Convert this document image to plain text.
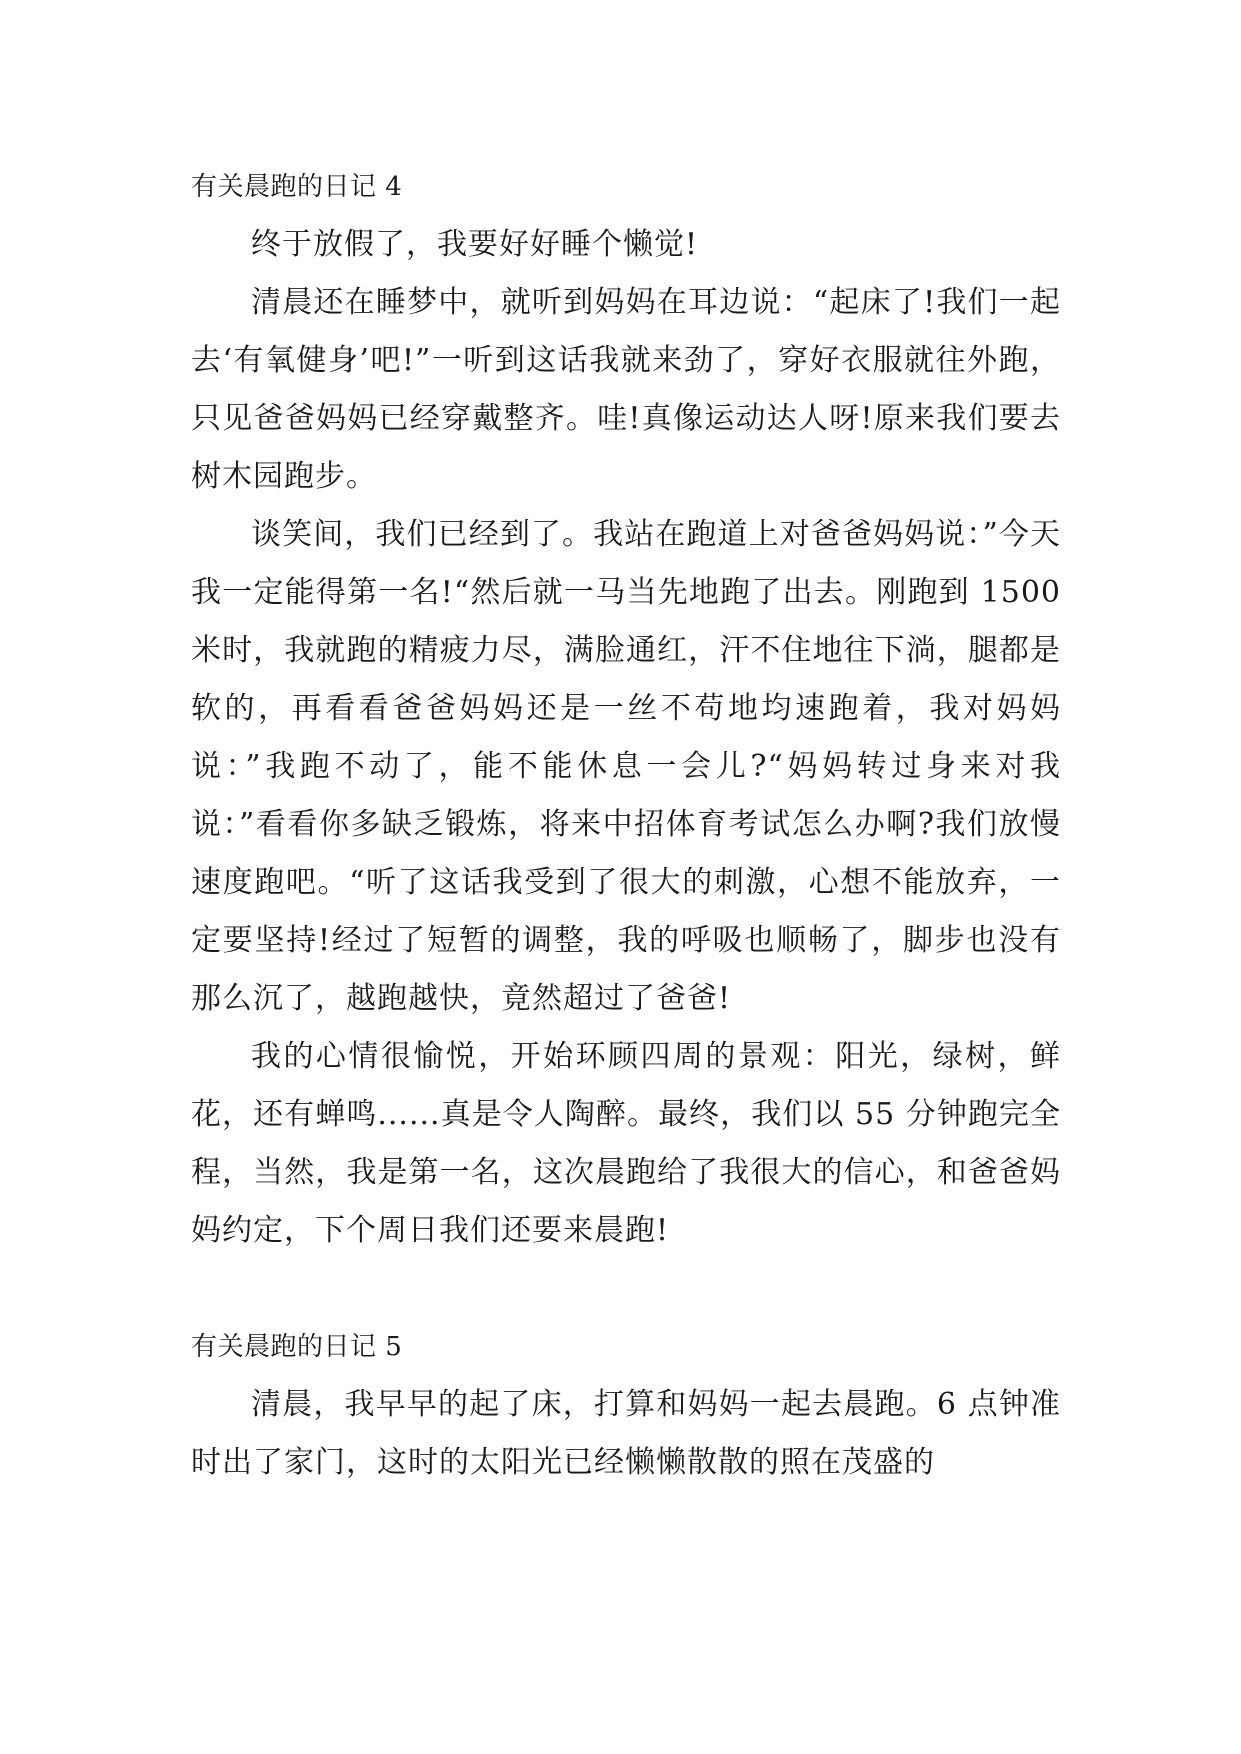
有关晨跑的日记 4

终于放假了，我要好好睡个懒觉!

清晨还在睡梦中，就听到妈妈在耳边说：“起床了!我们一起去‘有氧健身’吧!”一听到这话我就来劲了，穿好衣服就往外跑，只见爸爸妈妈已经穿戴整齐。哇!真像运动达人呀!原来我们要去树木园跑步。

谈笑间，我们已经到了。我站在跑道上对爸爸妈妈说：”今天我一定能得第一名!“然后就一马当先地跑了出去。刚跑到 1500 米时，我就跑的精疲力尽，满脸通红，汗不住地往下淌，腿都是软的，再看看爸爸妈妈还是一丝不苟地均速跑着，我对妈妈说：”我跑不动了，能不能休息一会儿?“妈妈转过身来对我说：”看看你多缺乏锻炼，将来中招体育考试怎么办啊?我们放慢速度跑吧。“听了这话我受到了很大的刺激，心想不能放弃，一定要坚持!经过了短暂的调整，我的呼吸也顺畅了，脚步也没有那么沉了，越跑越快，竟然超过了爸爸!

我的心情很愉悦，开始环顾四周的景观：阳光，绿树，鲜花，还有蝉鸣......真是令人陶醉。最终，我们以 55 分钟跑完全程，当然，我是第一名，这次晨跑给了我很大的信心，和爸爸妈妈约定，下个周日我们还要来晨跑!

有关晨跑的日记 5

清晨，我早早的起了床，打算和妈妈一起去晨跑。6 点钟准时出了家门，这时的太阳光已经懒懒散散的照在茂盛的
